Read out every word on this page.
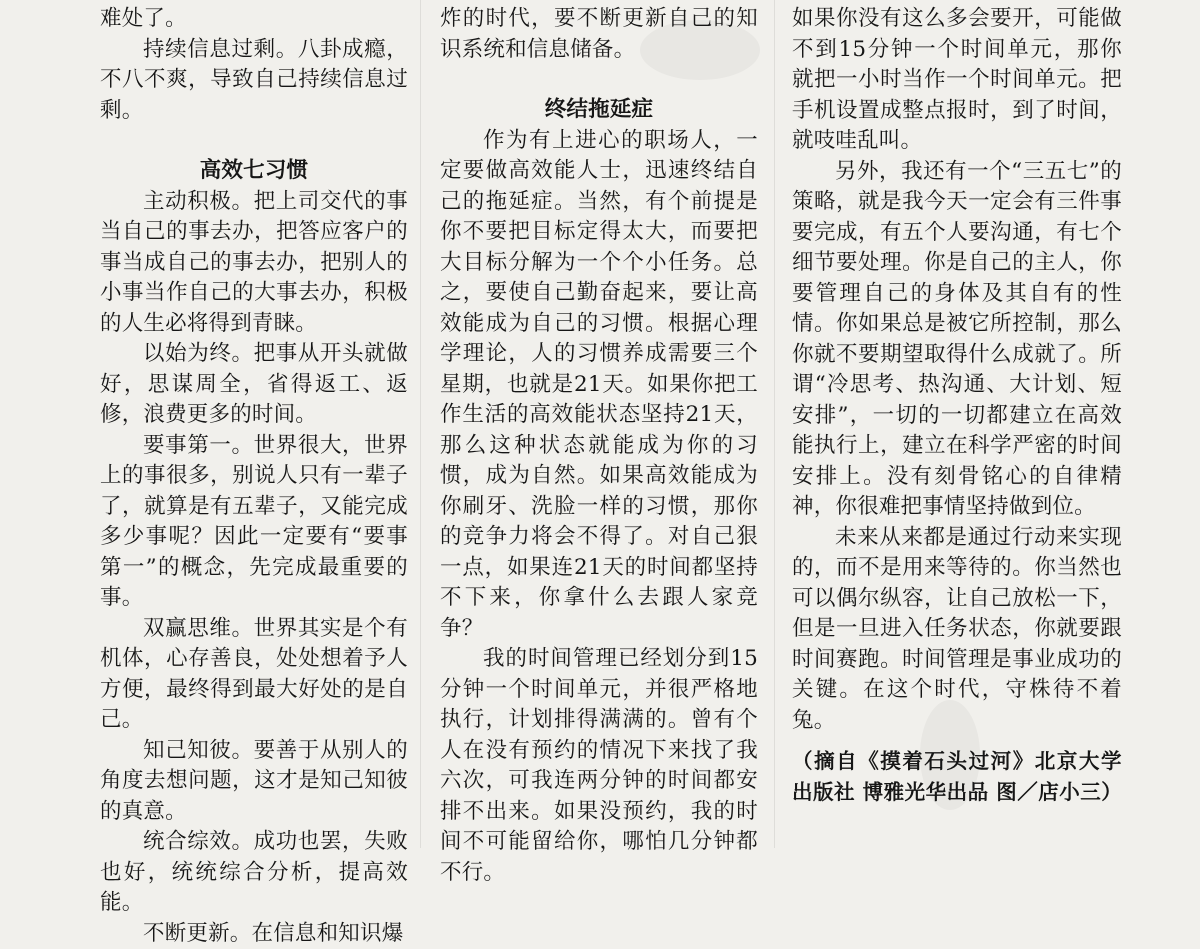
难处了。

持续信息过剩。八卦成瘾，不八不爽，导致自己持续信息过剩。

高效七习惯

主动积极。把上司交代的事当自己的事去办，把答应客户的事当成自己的事去办，把别人的小事当作自己的大事去办，积极的人生必将得到青睐。

以始为终。把事从开头就做好，思谋周全，省得返工、返修，浪费更多的时间。

要事第一。世界很大，世界上的事很多，别说人只有一辈子了，就算是有五辈子，又能完成多少事呢？因此一定要有“要事第一”的概念，先完成最重要的事。

双赢思维。世界其实是个有机体，心存善良，处处想着予人方便，最终得到最大好处的是自己。

知己知彼。要善于从别人的角度去想问题，这才是知己知彼的真意。

统合综效。成功也罢，失败也好，统统综合分析，提高效能。

不断更新。在信息和知识爆

炸的时代，要不断更新自己的知识系统和信息储备。

终结拖延症

作为有上进心的职场人，一定要做高效能人士，迅速终结自己的拖延症。当然，有个前提是你不要把目标定得太大，而要把大目标分解为一个个小任务。总之，要使自己勤奋起来，要让高效能成为自己的习惯。根据心理学理论，人的习惯养成需要三个星期，也就是21天。如果你把工作生活的高效能状态坚持21天，那么这种状态就能成为你的习惯，成为自然。如果高效能成为你刷牙、洗脸一样的习惯，那你的竞争力将会不得了。对自己狠一点，如果连21天的时间都坚持不下来，你拿什么去跟人家竞争？

我的时间管理已经划分到15分钟一个时间单元，并很严格地执行，计划排得满满的。曾有个人在没有预约的情况下来找了我六次，可我连两分钟的时间都安排不出来。如果没预约，我的时间不可能留给你，哪怕几分钟都不行。

如果你没有这么多会要开，可能做不到15分钟一个时间单元，那你就把一小时当作一个时间单元。把手机设置成整点报时，到了时间，就吱哇乱叫。

另外，我还有一个“三五七”的策略，就是我今天一定会有三件事要完成，有五个人要沟通，有七个细节要处理。你是自己的主人，你要管理自己的身体及其自有的性情。你如果总是被它所控制，那么你就不要期望取得什么成就了。所谓“冷思考、热沟通、大计划、短安排”，一切的一切都建立在高效能执行上，建立在科学严密的时间安排上。没有刻骨铭心的自律精神，你很难把事情坚持做到位。

未来从来都是通过行动来实现的，而不是用来等待的。你当然也可以偶尔纵容，让自己放松一下，但是一旦进入任务状态，你就要跟时间赛跑。时间管理是事业成功的关键。在这个时代，守株待不着兔。

（摘自《摸着石头过河》北京大学出版社 博雅光华出品 图／店小三）
